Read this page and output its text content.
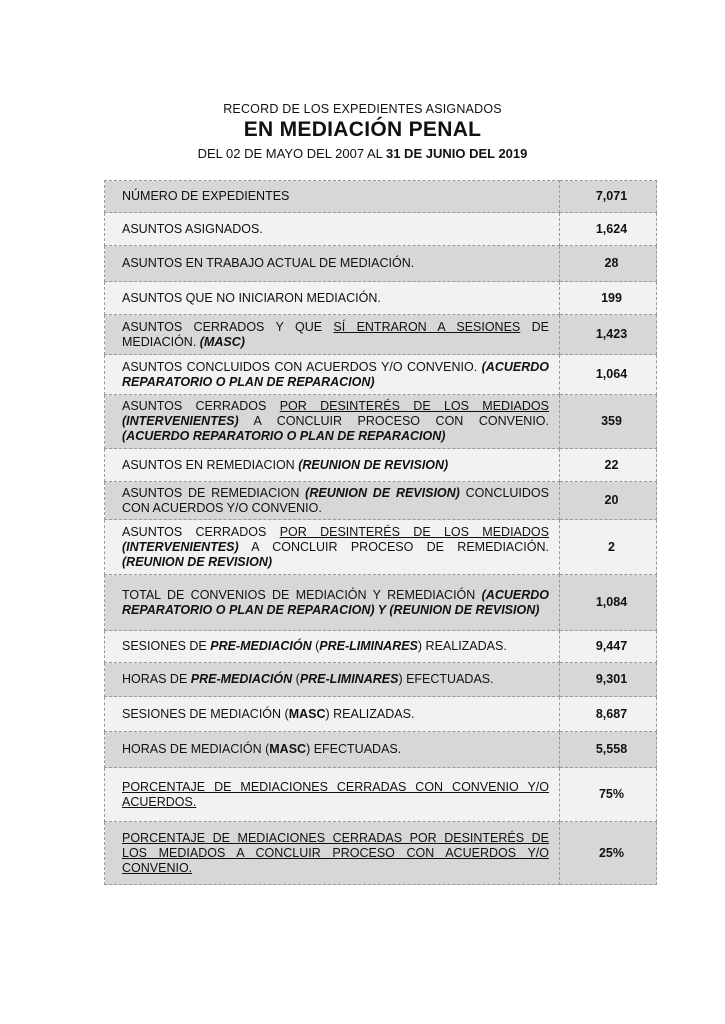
RECORD DE LOS EXPEDIENTES ASIGNADOS
EN MEDIACIÓN PENAL
DEL 02 DE MAYO DEL 2007 AL 31 DE JUNIO DEL 2019
NÚMERO DE EXPEDIENTES	7,071
ASUNTOS ASIGNADOS.	1,624
ASUNTOS EN TRABAJO ACTUAL DE MEDIACIÓN.	28
ASUNTOS QUE NO INICIARON MEDIACIÓN.	199
ASUNTOS CERRADOS Y QUE SÍ ENTRARON A SESIONES DE MEDIACIÓN. (MASC)	1,423
ASUNTOS CONCLUIDOS CON ACUERDOS Y/O CONVENIO. (ACUERDO REPARATORIO O PLAN DE REPARACION)	1,064
ASUNTOS CERRADOS POR DESINTERÉS DE LOS MEDIADOS (INTERVENIENTES) A CONCLUIR PROCESO CON CONVENIO. (ACUERDO REPARATORIO O PLAN DE REPARACION)	359
ASUNTOS EN REMEDIACION (REUNION DE REVISION)	22
ASUNTOS DE REMEDIACION (REUNION DE REVISION) CONCLUIDOS CON ACUERDOS Y/O CONVENIO.	20
ASUNTOS CERRADOS POR DESINTERÉS DE LOS MEDIADOS (INTERVENIENTES) A CONCLUIR PROCESO DE REMEDIACIÓN. (REUNION DE REVISION)	2
TOTAL DE CONVENIOS DE MEDIACIÓN Y REMEDIACIÓN (ACUERDO REPARATORIO O PLAN DE REPARACION) Y (REUNION DE REVISION)	1,084
SESIONES DE PRE-MEDIACIÓN (PRE-LIMINARES) REALIZADAS.	9,447
HORAS DE PRE-MEDIACIÓN (PRE-LIMINARES) EFECTUADAS.	9,301
SESIONES DE MEDIACIÓN (MASC) REALIZADAS.	8,687
HORAS DE MEDIACIÓN (MASC) EFECTUADAS.	5,558
PORCENTAJE DE MEDIACIONES CERRADAS CON CONVENIO Y/O ACUERDOS.	75%
PORCENTAJE DE MEDIACIONES CERRADAS POR DESINTERÉS DE LOS MEDIADOS A CONCLUIR PROCESO CON ACUERDOS Y/O CONVENIO.	25%
